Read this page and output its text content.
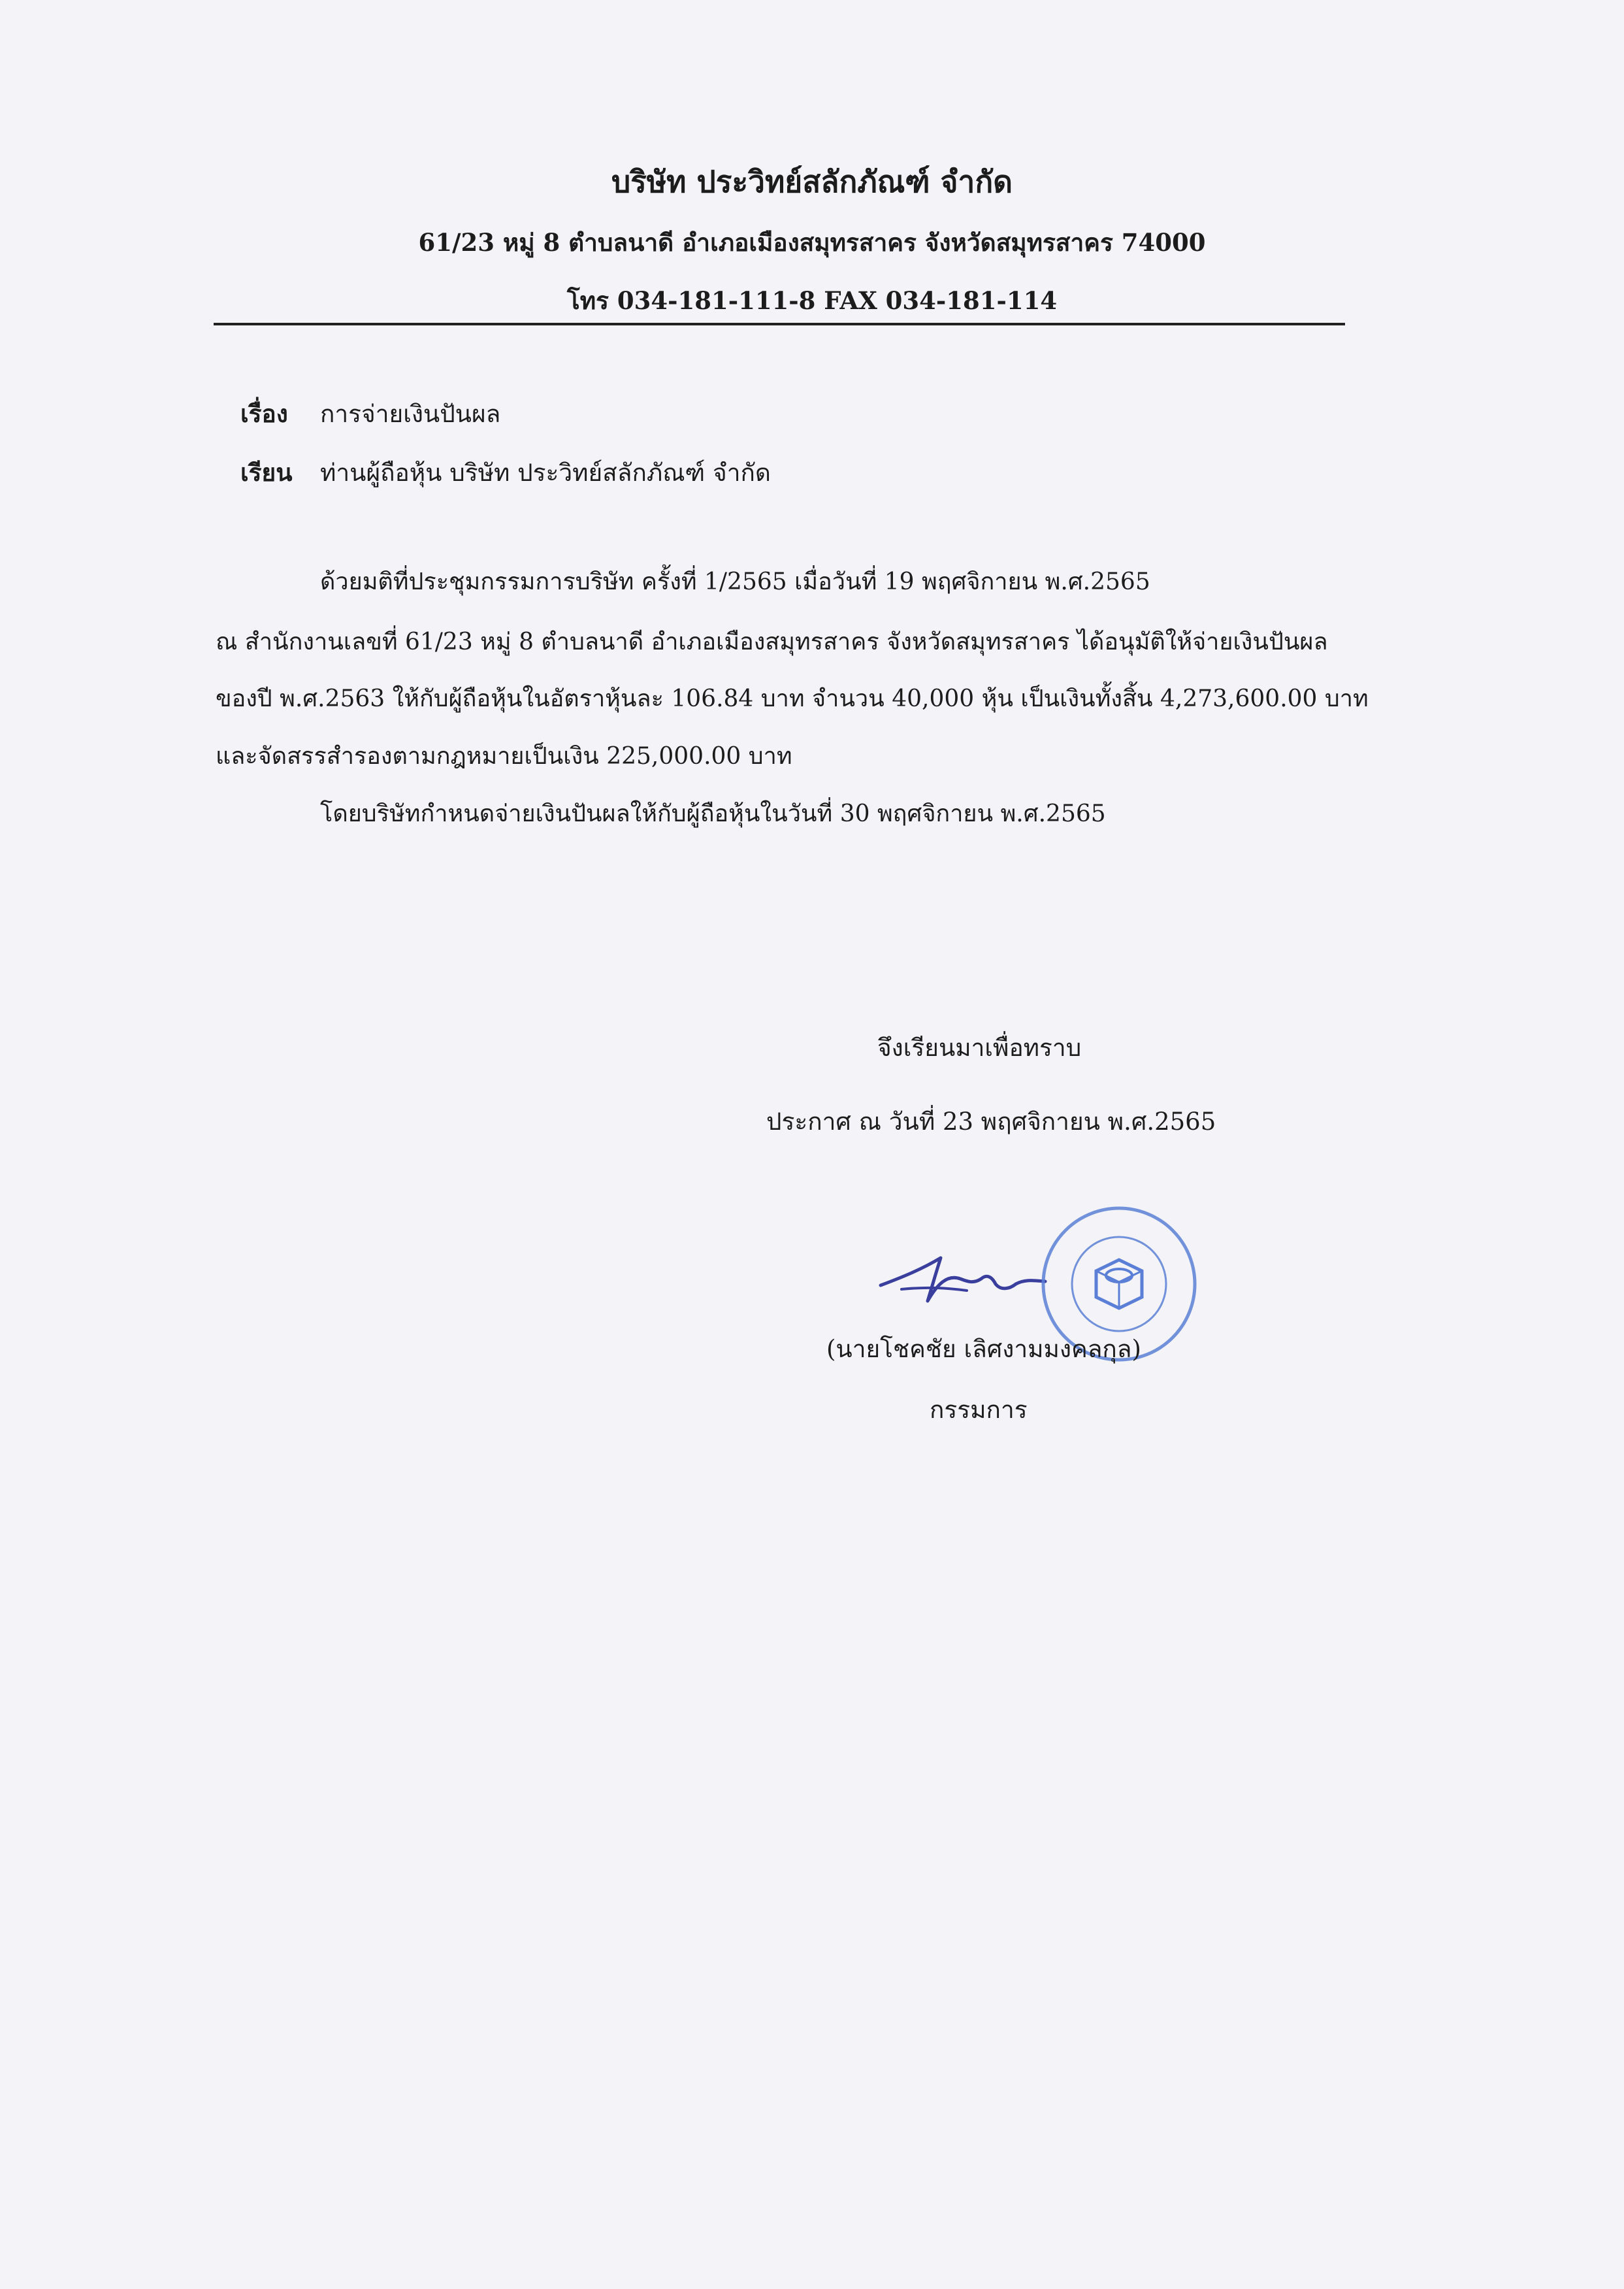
บริษัท ประวิทย์สลักภัณฑ์ จำกัด
61/23 หมู่ 8 ตำบลนาดี อำเภอเมืองสมุทรสาคร จังหวัดสมุทรสาคร 74000
โทร 034-181-111-8 FAX 034-181-114
เรื่อง การจ่ายเงินปันผล
เรียน ท่านผู้ถือหุ้น บริษัท ประวิทย์สลักภัณฑ์ จำกัด
ด้วยมติที่ประชุมกรรมการบริษัท ครั้งที่ 1/2565 เมื่อวันที่ 19 พฤศจิกายน พ.ศ.2565
ณ สำนักงานเลขที่ 61/23 หมู่ 8 ตำบลนาดี อำเภอเมืองสมุทรสาคร จังหวัดสมุทรสาคร ได้อนุมัติให้จ่ายเงินปันผล
ของปี พ.ศ.2563 ให้กับผู้ถือหุ้นในอัตราหุ้นละ 106.84 บาท จำนวน 40,000 หุ้น เป็นเงินทั้งสิ้น 4,273,600.00 บาท
และจัดสรรสำรองตามกฎหมายเป็นเงิน 225,000.00 บาท
โดยบริษัทกำหนดจ่ายเงินปันผลให้กับผู้ถือหุ้นในวันที่ 30 พฤศจิกายน พ.ศ.2565
จึงเรียนมาเพื่อทราบ
ประกาศ ณ วันที่ 23 พฤศจิกายน พ.ศ.2565
(นายโชคชัย เลิศงามมงคลกุล)
กรรมการ
